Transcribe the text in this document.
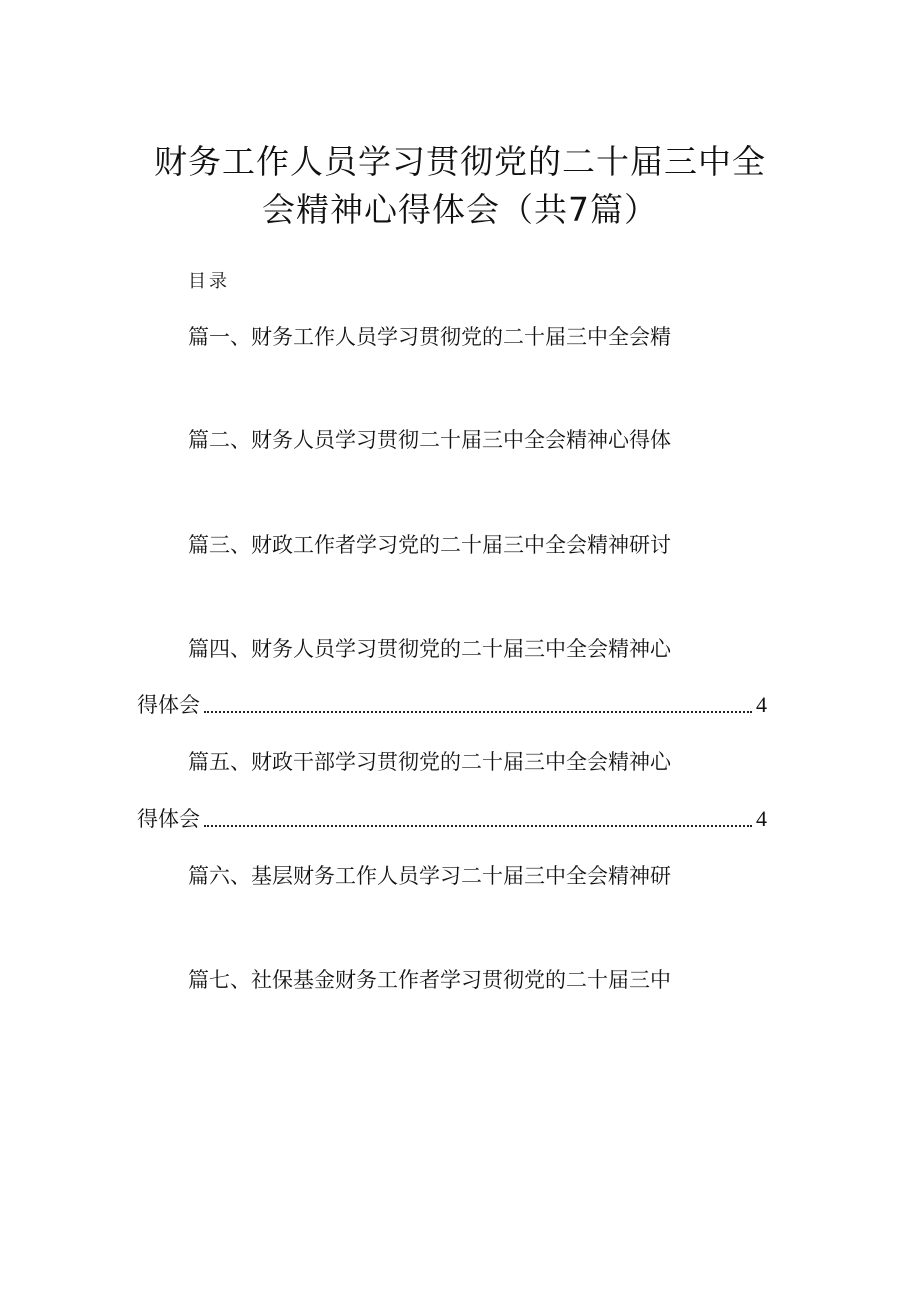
财务工作人员学习贯彻党的二十届三中全
会精神心得体会（共7篇）
目录
篇一、财务工作人员学习贯彻党的二十届三中全会精
篇二、财务人员学习贯彻二十届三中全会精神心得体
篇三、财政工作者学习党的二十届三中全会精神研讨
篇四、财务人员学习贯彻党的二十届三中全会精神心
得体会	4
篇五、财政干部学习贯彻党的二十届三中全会精神心
得体会	4
篇六、基层财务工作人员学习二十届三中全会精神研
篇七、社保基金财务工作者学习贯彻党的二十届三中
